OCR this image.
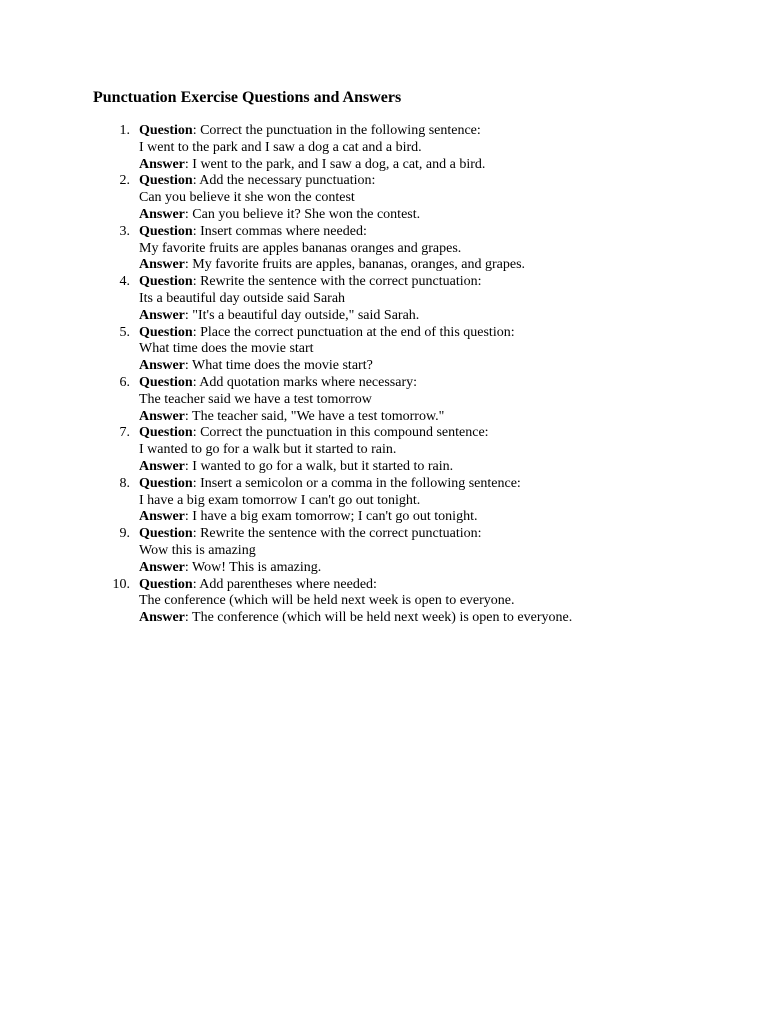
Punctuation Exercise Questions and Answers
1. Question: Correct the punctuation in the following sentence:
I went to the park and I saw a dog a cat and a bird.
Answer: I went to the park, and I saw a dog, a cat, and a bird.
2. Question: Add the necessary punctuation:
Can you believe it she won the contest
Answer: Can you believe it? She won the contest.
3. Question: Insert commas where needed:
My favorite fruits are apples bananas oranges and grapes.
Answer: My favorite fruits are apples, bananas, oranges, and grapes.
4. Question: Rewrite the sentence with the correct punctuation:
Its a beautiful day outside said Sarah
Answer: "It's a beautiful day outside," said Sarah.
5. Question: Place the correct punctuation at the end of this question:
What time does the movie start
Answer: What time does the movie start?
6. Question: Add quotation marks where necessary:
The teacher said we have a test tomorrow
Answer: The teacher said, "We have a test tomorrow."
7. Question: Correct the punctuation in this compound sentence:
I wanted to go for a walk but it started to rain.
Answer: I wanted to go for a walk, but it started to rain.
8. Question: Insert a semicolon or a comma in the following sentence:
I have a big exam tomorrow I can't go out tonight.
Answer: I have a big exam tomorrow; I can't go out tonight.
9. Question: Rewrite the sentence with the correct punctuation:
Wow this is amazing
Answer: Wow! This is amazing.
10. Question: Add parentheses where needed:
The conference (which will be held next week is open to everyone.
Answer: The conference (which will be held next week) is open to everyone.
